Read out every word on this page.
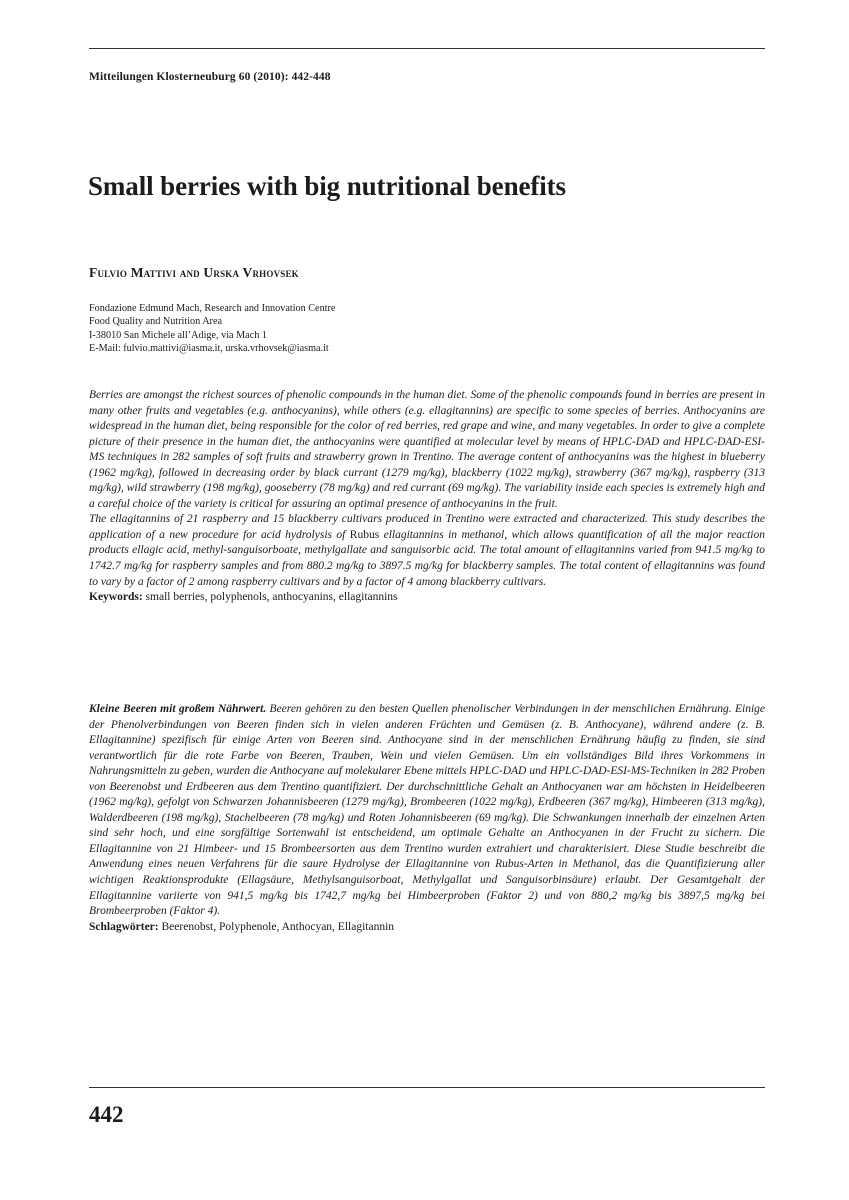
Mitteilungen Klosterneuburg 60 (2010): 442-448
Small berries with big nutritional benefits
Fulvio Mattivi and Urska Vrhovsek
Fondazione Edmund Mach, Research and Innovation Centre
Food Quality and Nutrition Area
I-38010 San Michele all’Adige, via Mach 1
E-Mail: fulvio.mattivi@iasma.it, urska.vrhovsek@iasma.it

Berries are amongst the richest sources of phenolic compounds in the human diet. Some of the phenolic compounds found in berries are present in many other fruits and vegetables (e.g. anthocyanins), while others (e.g. ellagitannins) are specific to some species of berries. Anthocyanins are widespread in the human diet, being responsible for the color of red berries, red grape and wine, and many vegetables. In order to give a complete picture of their presence in the human diet, the anthocyanins were quantified at molecular level by means of HPLC-DAD and HPLC-DAD-ESI-MS techniques in 282 samples of soft fruits and strawberry grown in Trentino. The average content of anthocyanins was the highest in blueberry (1962 mg/kg), followed in decreasing order by black currant (1279 mg/kg), blackberry (1022 mg/kg), strawberry (367 mg/kg), raspberry (313 mg/kg), wild strawberry (198 mg/kg), gooseberry (78 mg/kg) and red currant (69 mg/kg). The variability inside each species is extremely high and a careful choice of the variety is critical for assuring an optimal presence of anthocyanins in the fruit.

The ellagitannins of 21 raspberry and 15 blackberry cultivars produced in Trentino were extracted and characterized. This study describes the application of a new procedure for acid hydrolysis of Rubus ellagitannins in methanol, which allows quantification of all the major reaction products ellagic acid, methyl-sanguisorboate, methylgallate and sanguisorbic acid. The total amount of ellagitannins varied from 941.5 mg/kg to 1742.7 mg/kg for raspberry samples and from 880.2 mg/kg to 3897.5 mg/kg for blackberry samples. The total content of ellagitannins was found to vary by a factor of 2 among raspberry cultivars and by a factor of 4 among blackberry cultivars.

Keywords: small berries, polyphenols, anthocyanins, ellagitannins

Kleine Beeren mit großem Nährwert. Beeren gehören zu den besten Quellen phenolischer Verbindungen in der menschlichen Ernährung. Einige der Phenolverbindungen von Beeren finden sich in vielen anderen Früchten und Gemüsen (z. B. Anthocyane), während andere (z. B. Ellagitannine) spezifisch für einige Arten von Beeren sind. Anthocyane sind in der menschlichen Ernährung häufig zu finden, sie sind verantwortlich für die rote Farbe von Beeren, Trauben, Wein und vielen Gemüsen. Um ein vollständiges Bild ihres Vorkommens in Nahrungsmitteln zu geben, wurden die Anthocyane auf molekularer Ebene mittels HPLC-DAD und HPLC-DAD-ESI-MS-Techniken in 282 Proben von Beerenobst und Erdbeeren aus dem Trentino quantifiziert. Der durchschnittliche Gehalt an Anthocyanen war am höchsten in Heidelbeeren (1962 mg/kg), gefolgt von Schwarzen Johannisbeeren (1279 mg/kg), Brombeeren (1022 mg/kg), Erdbeeren (367 mg/kg), Himbeeren (313 mg/kg), Walderdbeeren (198 mg/kg), Stachelbeeren (78 mg/kg) und Roten Johannisbeeren (69 mg/kg). Die Schwankungen innerhalb der einzelnen Arten sind sehr hoch, und eine sorgfältige Sortenwahl ist entscheidend, um optimale Gehalte an Anthocyanen in der Frucht zu sichern. Die Ellagitannine von 21 Himbeer- und 15 Brombeersorten aus dem Trentino wurden extrahiert und charakterisiert. Diese Studie beschreibt die Anwendung eines neuen Verfahrens für die saure Hydrolyse der Ellagitannine von Rubus-Arten in Methanol, das die Quantifizierung aller wichtigen Reaktionsprodukte (Ellagsäure, Methylsanguisorboat, Methylgallat und Sanguisorbinsäure) erlaubt. Der Gesamtgehalt der Ellagitannine variierte von 941,5 mg/kg bis 1742,7 mg/kg bei Himbeerproben (Faktor 2) und von 880,2 mg/kg bis 3897,5 mg/kg bei Brombeerproben (Faktor 4).

Schlagwörter: Beerenobst, Polyphenole, Anthocyan, Ellagitannin

442
